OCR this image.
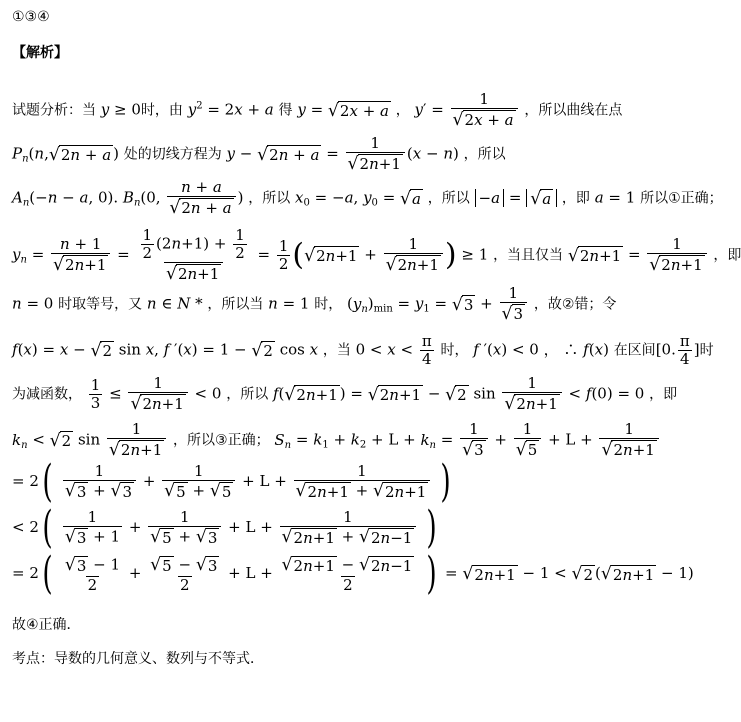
①③④
【解析】
试题分析：当 y ≥ 0时，由 $y^2 = 2x + a$ 得 y = √ 2x + a ， $y' = \frac{1}{√ 2x + a}$ ，所以曲线在点
$P_n(n$, √ 2n + a ) 处的切线方程为 y − √ $2n + a = \frac{1}{√ 2n+1} (x - n)$ ，所以
$A_n(-n - a$, 0). $B_n(0$, $\frac{n + a}{√ 2n + a}$ ) ，所以 $x_0 = -a$, $y_0$ = √ a ，所以 −a = √ a ，即 a = 1 所以①正确；
$y_n = \frac{n + 1}{√ 2n+1} = \frac{\frac{1}{2} (2n+1) + \frac{1}{2}}{√ 2n+1} = \frac{1}{2}$ ( √ $2n+1 + \frac{1}{√ 2n+1}$ ) ≥ 1 ，当且仅当 √ $2n+1 = \frac{1}{√ 2n+1}$ ，即
n = 0 时取等号，又 n ∈ N * ，所以当 n = 1 时， $(y_n)_{min} = y_1$ = √ $3 + \frac{1}{√ 3}$ ，故②错；令
f(x) = x − √ 2 sin x, f ′(x) = 1 − √ 2 cos x ，当 $0 < x < \frac{\pi}{4}$ 时， f ′(x) < 0 ， ∴ f(x) 在区间[0. $\frac{\pi}{4}$ ]时
为减函数， $\frac{1}{3} \le \frac{1}{√ 2n+1} < 0$ ，所以 f( √ 2n+1 ) = √ 2n+1 − √ 2 $\sin \frac{1}{√ 2n+1} < f(0) = 0$ ，即
$k_n$ < √ 2 $\sin \frac{1}{√ 2n+1}$ ，所以③正确； $S_n = k_1 + k_2 + L + k_n = \frac{1}{√ 3} + \frac{1}{√ 5} + L + \frac{1}{√ 2n+1}$
= $2( \frac{1}{√ 3 + √ 3} + \frac{1}{√ 5 + √ 5} + L + \frac{1}{√ 2n+1 + √ 2n+1}$ )
< $2( \frac{1}{√ 3 + 1} + \frac{1}{√ 5 + √ 3} + L + \frac{1}{√ 2n+1 + √ 2n-1}$ )
= $2( \frac{√ 3 - 1}{2} + \frac{√ 5 - √ 3}{2} + L + \frac{√ 2n+1 - √ 2n-1}{2}$ ) = √ 2n+1 − 1 < √ 2 ( √ 2n+1 − 1)
故④正确．
考点：导数的几何意义、数列与不等式．
